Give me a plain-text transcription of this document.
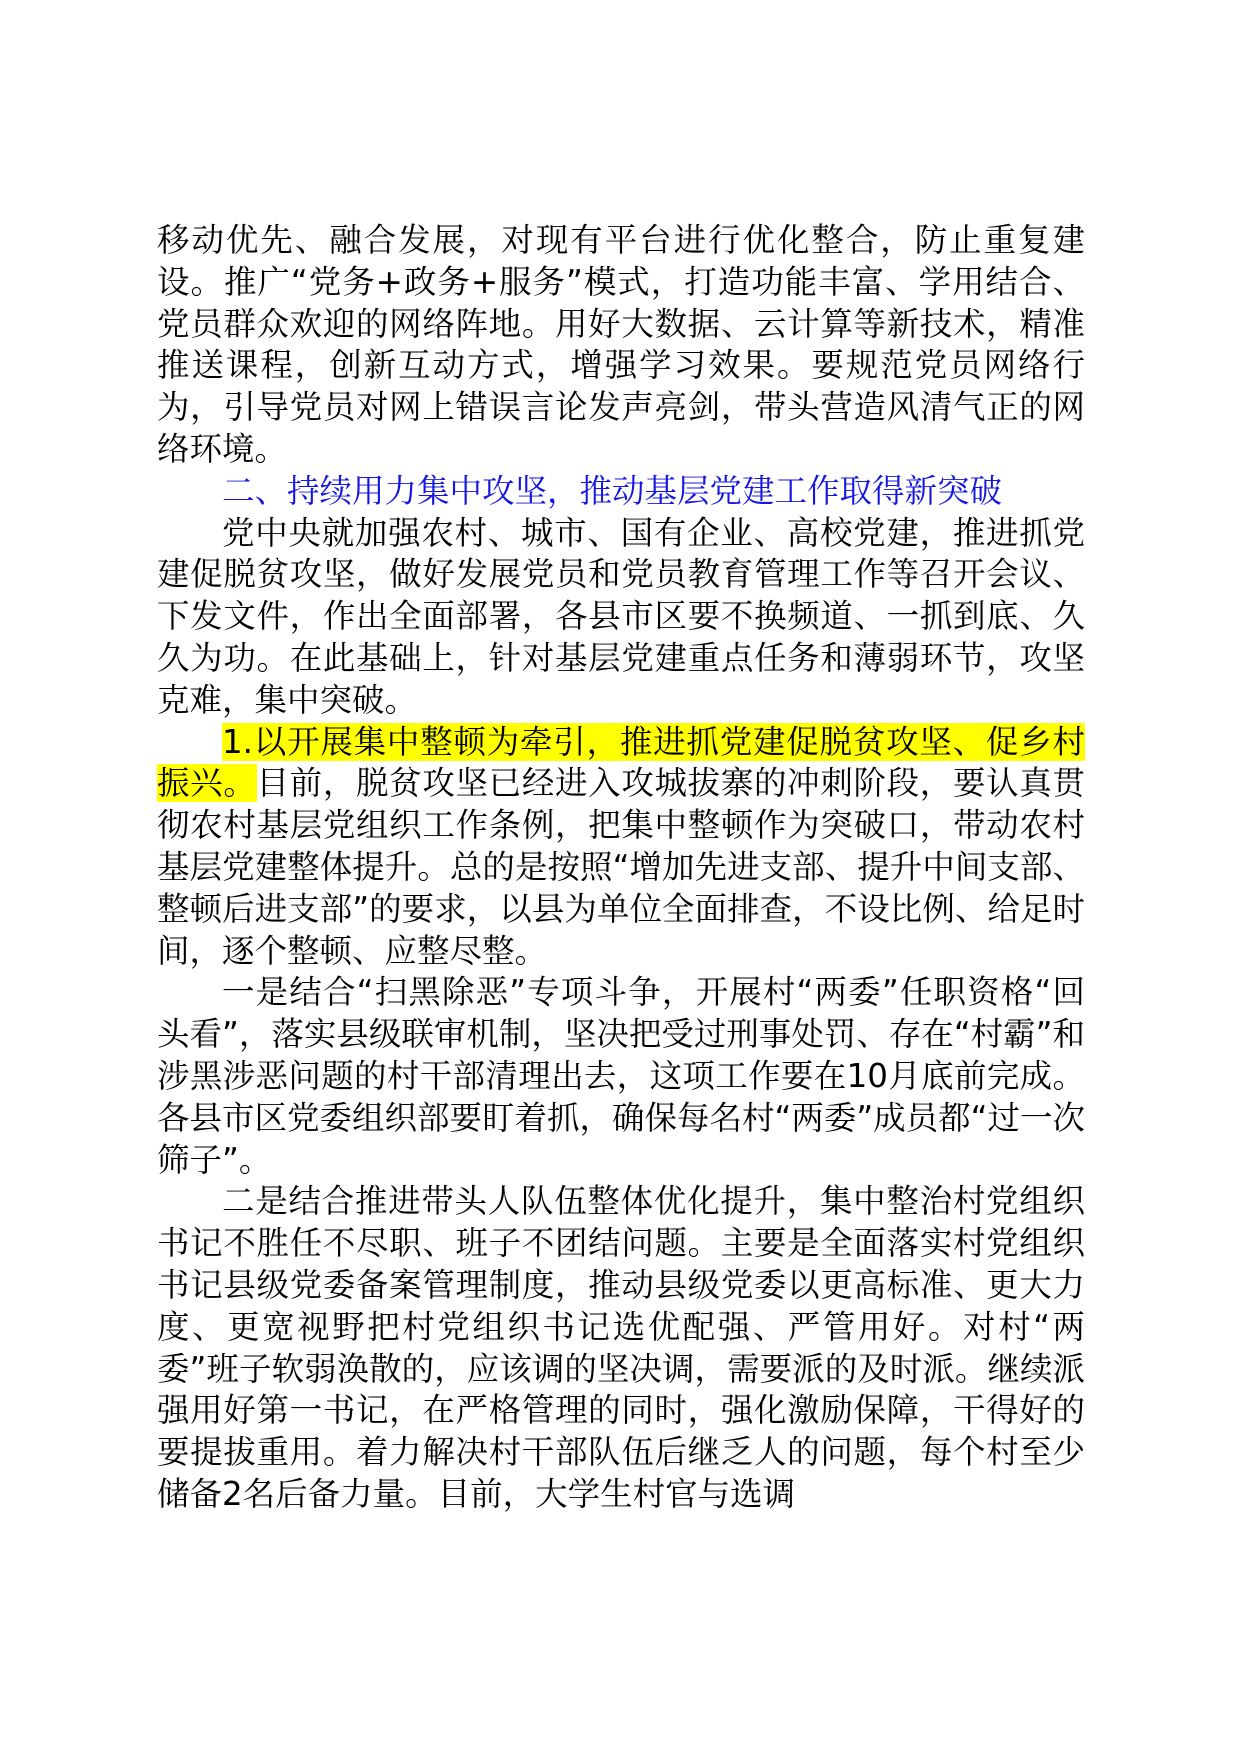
移动优先、融合发展，对现有平台进行优化整合，防止重复建设。推广“党务+政务+服务”模式，打造功能丰富、学用结合、党员群众欢迎的网络阵地。用好大数据、云计算等新技术，精准推送课程，创新互动方式，增强学习效果。要规范党员网络行为，引导党员对网上错误言论发声亮剑，带头营造风清气正的网络环境。

二、持续用力集中攻坚，推动基层党建工作取得新突破

党中央就加强农村、城市、国有企业、高校党建，推进抓党建促脱贫攻坚，做好发展党员和党员教育管理工作等召开会议、下发文件，作出全面部署，各县市区要不换频道、一抓到底、久久为功。在此基础上，针对基层党建重点任务和薄弱环节，攻坚克难，集中突破。

1.以开展集中整顿为牵引，推进抓党建促脱贫攻坚、促乡村振兴。目前，脱贫攻坚已经进入攻城拔寨的冲刺阶段，要认真贯彻农村基层党组织工作条例，把集中整顿作为突破口，带动农村基层党建整体提升。总的是按照“增加先进支部、提升中间支部、整顿后进支部”的要求，以县为单位全面排查，不设比例、给足时间，逐个整顿、应整尽整。

一是结合“扫黑除恶”专项斗争，开展村“两委”任职资格“回头看”，落实县级联审机制，坚决把受过刑事处罚、存在“村霸”和涉黑涉恶问题的村干部清理出去，这项工作要在10月底前完成。各县市区党委组织部要盯着抓，确保每名村“两委”成员都“过一次筛子”。

二是结合推进带头人队伍整体优化提升，集中整治村党组织书记不胜任不尽职、班子不团结问题。主要是全面落实村党组织书记县级党委备案管理制度，推动县级党委以更高标准、更大力度、更宽视野把村党组织书记选优配强、严管用好。对村“两委”班子软弱涣散的，应该调的坚决调，需要派的及时派。继续派强用好第一书记，在严格管理的同时，强化激励保障，干得好的要提拔重用。着力解决村干部队伍后继乏人的问题，每个村至少储备2名后备力量。目前，大学生村官与选调
